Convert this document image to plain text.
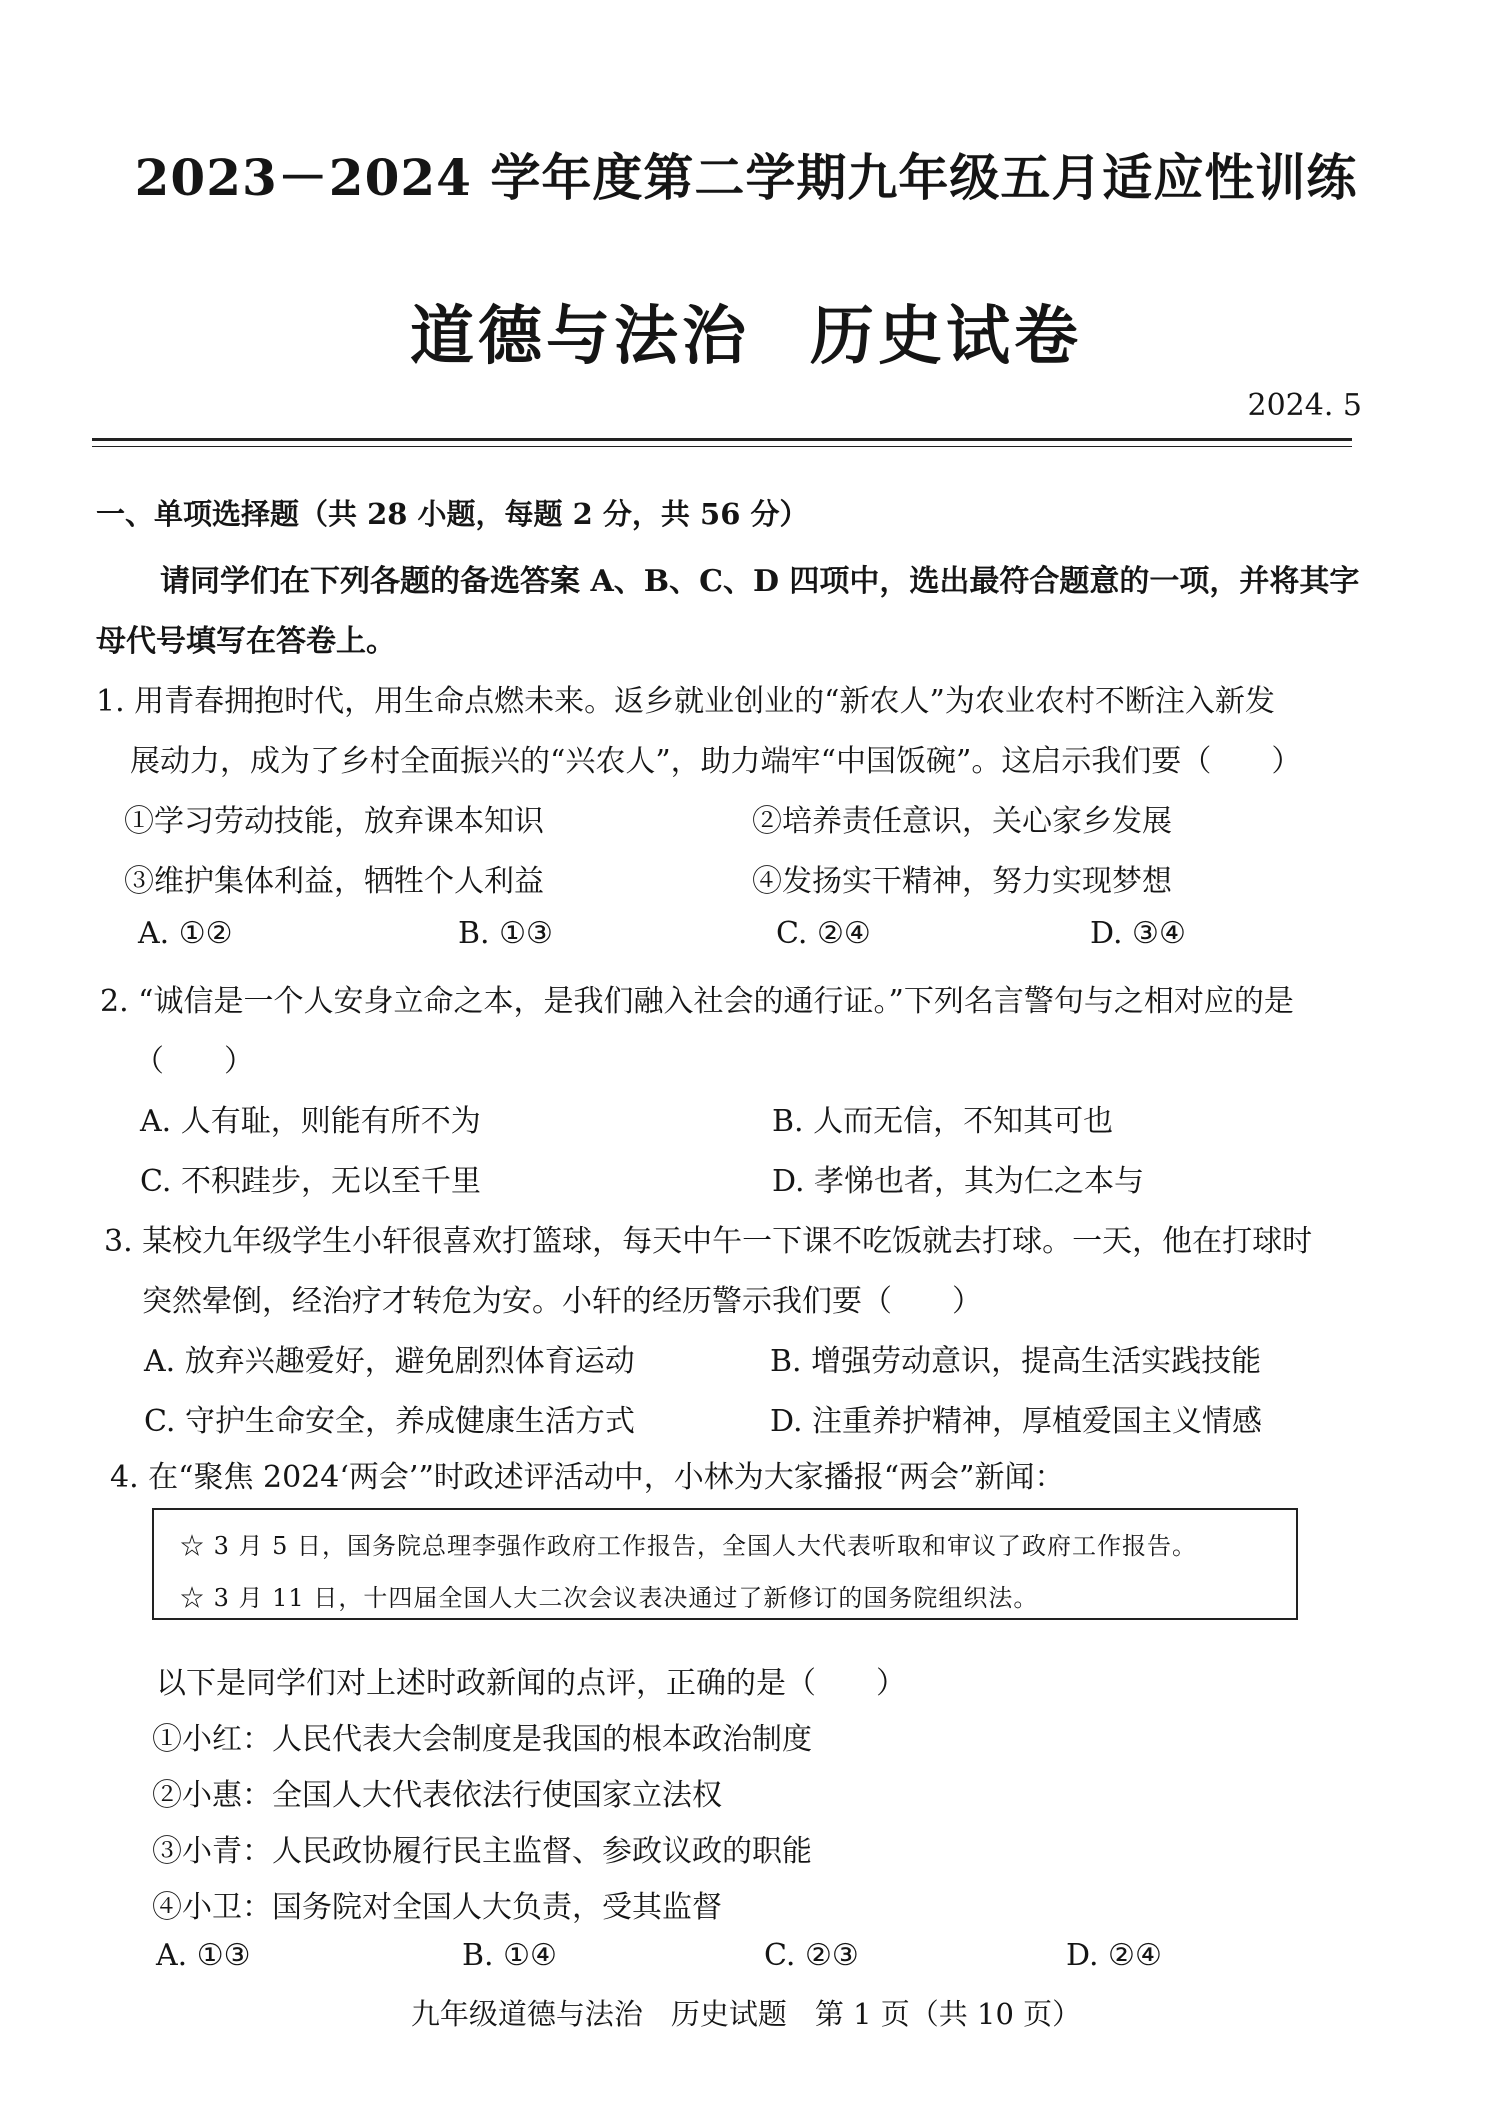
2023－2024 学年度第二学期九年级五月适应性训练
道德与法治 历史试卷
2024. 5
一、单项选择题（共 28 小题，每题 2 分，共 56 分）
请同学们在下列各题的备选答案 A、B、C、D 四项中，选出最符合题意的一项，并将其字
母代号填写在答卷上。
1. 用青春拥抱时代，用生命点燃未来。返乡就业创业的“新农人”为农业农村不断注入新发
展动力，成为了乡村全面振兴的“兴农人”，助力端牢“中国饭碗”。这启示我们要（　　）
①学习劳动技能，放弃课本知识	②培养责任意识，关心家乡发展
③维护集体利益，牺牲个人利益	④发扬实干精神，努力实现梦想
A. ①②	B. ①③	C. ②④	D. ③④
2. “诚信是一个人安身立命之本，是我们融入社会的通行证。”下列名言警句与之相对应的是
（　　）
A. 人有耻，则能有所不为	B. 人而无信，不知其可也
C. 不积跬步，无以至千里	D. 孝悌也者，其为仁之本与
3. 某校九年级学生小轩很喜欢打篮球，每天中午一下课不吃饭就去打球。一天，他在打球时
突然晕倒，经治疗才转危为安。小轩的经历警示我们要（　　）
A. 放弃兴趣爱好，避免剧烈体育运动	B. 增强劳动意识，提高生活实践技能
C. 守护生命安全，养成健康生活方式	D. 注重养护精神，厚植爱国主义情感
4. 在“聚焦 2024‘两会’”时政述评活动中，小林为大家播报“两会”新闻：
☆ 3 月 5 日，国务院总理李强作政府工作报告，全国人大代表听取和审议了政府工作报告。
☆ 3 月 11 日，十四届全国人大二次会议表决通过了新修订的国务院组织法。
以下是同学们对上述时政新闻的点评，正确的是（　　）
①小红：人民代表大会制度是我国的根本政治制度
②小惠：全国人大代表依法行使国家立法权
③小青：人民政协履行民主监督、参政议政的职能
④小卫：国务院对全国人大负责，受其监督
A. ①③	B. ①④	C. ②③	D. ②④
九年级道德与法治 历史试题 第 1 页（共 10 页）
